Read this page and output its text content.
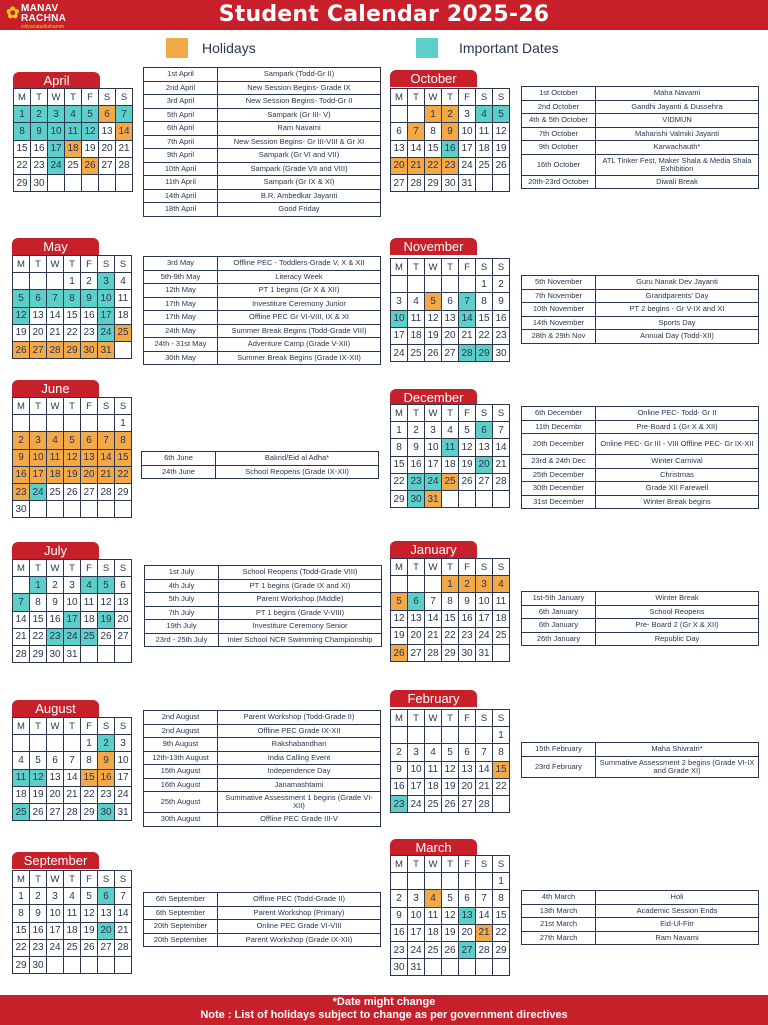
✿ MANAV
RACHNA
vidyanatarikshamm	Student Calendar 2025-26
Holidays	Important Dates
April
M	T	W	T	F	S	S
1	2	3	4	5	6	7
8	9	10	11	12	13	14
15	16	17	18	19	20	21
22	23	24	25	26	27	28
29	30					
1st April	Sampark (Todd-Gr II)
2nd April	New Session Begins- Grade IX
3rd April	New Session Begins- Todd-Gr II
5th April	Sampark (Gr III- V)
6th April	Ram Navami
7th April	New Session Begins- Gr III-VIII & Gr XI
9th April	Sampark (Gr VI and VII)
10th April	Sampark (Grade VII and VIII)
11th April	Sampark (Gr IX & XI)
14th April	B.R. Ambedkar Jayanti
18th April	Good Friday
May
M	T	W	T	F	S	S
			1	2	3	4
5	6	7	8	9	10	11
12	13	14	15	16	17	18
19	20	21	22	23	24	25
26	27	28	29	30	31	
3rd May	Offline PEC - Toddlers-Grade V, X & XII
5th-9th May	Literacy Week
12th May	PT 1 begins (Gr X & XII)
17th May	Investiture Ceremony Junior
17th May	Offline PEC Gr VI-VIII, IX & XI
24th May	Summer Break Begins (Todd-Grade VIII)
24th - 31st May	Adventure Camp (Grade V-XII)
30th May	Summer Break Begins (Grade IX-XII)
June
M	T	W	T	F	S	S
						1
2	3	4	5	6	7	8
9	10	11	12	13	14	15
16	17	18	19	20	21	22
23	24	25	26	27	28	29
30						
6th June	Bakrid/Eid al Adha*
24th June	School Reopens (Grade IX-XII)
July
M	T	W	T	F	S	S
	1	2	3	4	5	6
7	8	9	10	11	12	13
14	15	16	17	18	19	20
21	22	23	24	25	26	27
28	29	30	31			
1st July	School Reopens (Todd-Grade VIII)
4th July	PT 1 begins (Grade IX and XI)
5th July	Parent Workshop (Middle)
7th July	PT 1 begins (Grade V-VIII)
19th July	Investiture Ceremony Senior
23rd - 25th July	Inter School NCR Swimming Championship
August
M	T	W	T	F	S	S
				1	2	3
4	5	6	7	8	9	10
11	12	13	14	15	16	17
18	19	20	21	22	23	24
25	26	27	28	29	30	31
2nd August	Parent Workshop (Todd-Grade II)
2nd August	Offline PEC Grade IX-XII
9th August	Rakshabandhan
12th-13th August	India Calling Event
15th August	Independence Day
16th August	Janamashtami
25th August	Summative Assessment 1 begins (Grade VI-XII)
30th August	Offline PEC Grade III-V
September
M	T	W	T	F	S	S
1	2	3	4	5	6	7
8	9	10	11	12	13	14
15	16	17	18	19	20	21
22	23	24	25	26	27	28
29	30					
6th September	Offline PEC (Todd-Grade II)
6th September	Parent Workshop (Primary)
20th September	Online PEC Grade VI-VIII
20th September	Parent Workshop (Grade IX-XII)
October
M	T	W	T	F	S	S
		1	2	3	4	5
6	7	8	9	10	11	12
13	14	15	16	17	18	19
20	21	22	23	24	25	26
27	28	29	30	31		
1st October	Maha Navami
2nd October	Gandhi Jayanti & Dussehra
4th & 5th October	VIDMUN
7th October	Maharishi Valmiki Jayanti
9th October	Karwachauth*
16th October	ATL Tinker Fest, Maker Shala & Media Shala Exhibition
20th-23rd October	Diwali Break
November
M	T	W	T	F	S	S
					1	2
3	4	5	6	7	8	9
10	11	12	13	14	15	16
17	18	19	20	21	22	23
24	25	26	27	28	29	30
5th November	Guru Nanak Dev Jayanti
7th November	Grandparents' Day
10th November	PT 2 begins - Gr V-IX and XI
14th November	Sports Day
28th & 29th Nov	Annual Day (Todd-XII)
December
M	T	W	T	F	S	S
1	2	3	4	5	6	7
8	9	10	11	12	13	14
15	16	17	18	19	20	21
22	23	24	25	26	27	28
29	30	31				
6th December	Online PEC- Todd- Gr II
11th Decembr	Pre-Board 1 (Gr X & XII)
20th December	Online PEC- Gr III - VIII Offline PEC- Gr IX-XII
23rd & 24th Dec	Winter Carnival
25th December	Christmas
30th December	Grade XII Farewell
31st December	Winter Break begins
January
M	T	W	T	F	S	S
			1	2	3	4
5	6	7	8	9	10	11
12	13	14	15	16	17	18
19	20	21	22	23	24	25
26	27	28	29	30	31	
1st-5th January	Winter Break
6th January	School Reopens
6th January	Pre- Board 2 (Gr X & XII)
26th January	Republic Day
February
M	T	W	T	F	S	S
						1
2	3	4	5	6	7	8
9	10	11	12	13	14	15
16	17	18	19	20	21	22
23	24	25	26	27	28	
15th February	Maha Shivratri*
23rd February	Summative Assessment 2 begins (Grade VI-IX and Grade XI)
March
M	T	W	T	F	S	S
						1
2	3	4	5	6	7	8
9	10	11	12	13	14	15
16	17	18	19	20	21	22
23	24	25	26	27	28	29
30	31					
4th March	Holi
13th March	Academic Session Ends
21st March	Eid-Ul-Fitr
27th March	Ram Navami
*Date might change
Note : List of holidays subject to change as per government directives
